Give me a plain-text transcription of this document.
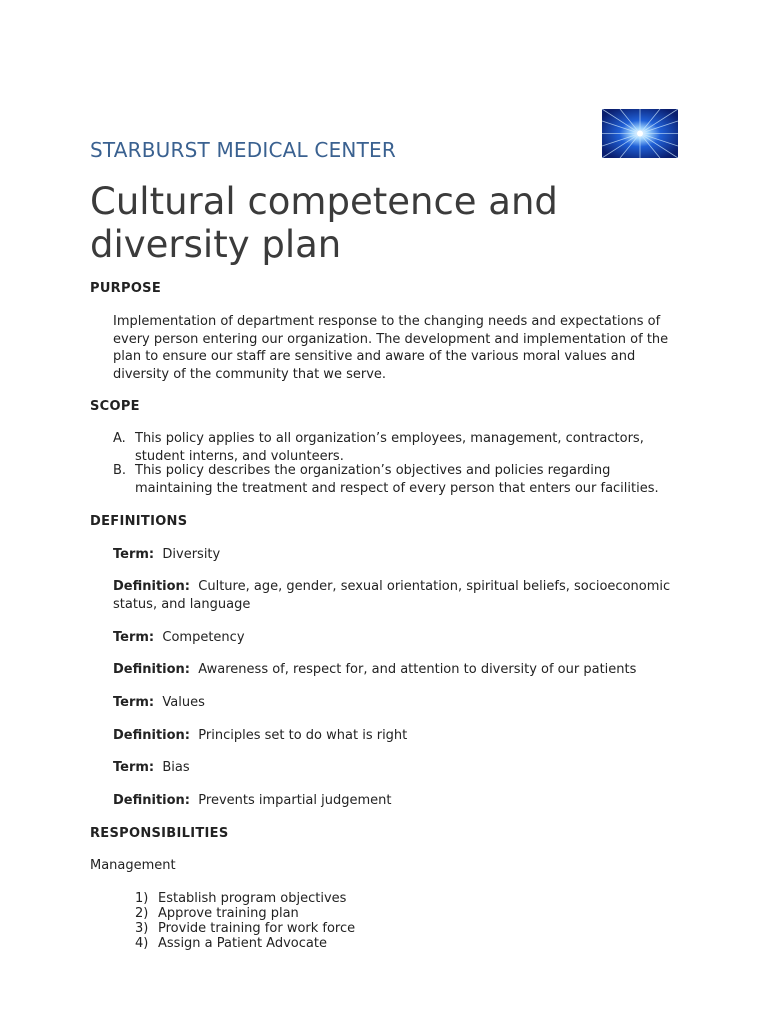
STARBURST MEDICAL CENTER
Cultural competence and diversity plan
PURPOSE
Implementation of department response to the changing needs and expectations of every person entering our organization. The development and implementation of the plan to ensure our staff are sensitive and aware of the various moral values and diversity of the community that we serve.
SCOPE
A. This policy applies to all organization’s employees, management, contractors, student interns, and volunteers.
B. This policy describes the organization’s objectives and policies regarding maintaining the treatment and respect of every person that enters our facilities.
DEFINITIONS
Term: Diversity
Definition: Culture, age, gender, sexual orientation, spiritual beliefs, socioeconomic status, and language
Term: Competency
Definition: Awareness of, respect for, and attention to diversity of our patients
Term: Values
Definition: Principles set to do what is right
Term: Bias
Definition: Prevents impartial judgement
RESPONSIBILITIES
Management
1) Establish program objectives
2) Approve training plan
3) Provide training for work force
4) Assign a Patient Advocate
